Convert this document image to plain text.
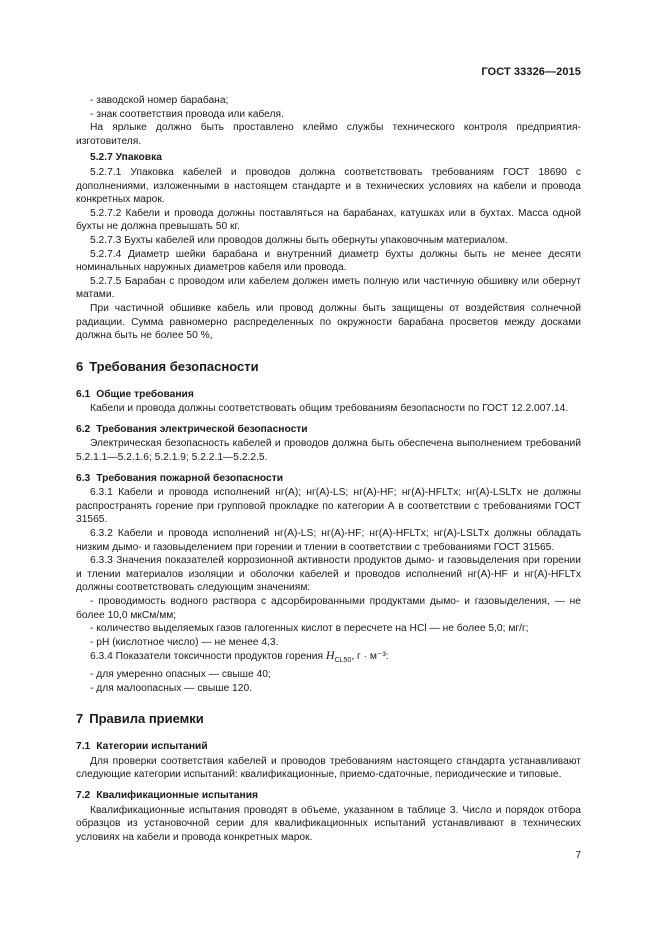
ГОСТ 33326—2015

- заводской номер барабана;

- знак соответствия провода или кабеля.

На ярлыке должно быть проставлено клеймо службы технического контроля предприятия-изготовителя.

5.2.7 Упаковка

5.2.7.1 Упаковка кабелей и проводов должна соответствовать требованиям ГОСТ 18690 с дополнениями, изложенными в настоящем стандарте и в технических условиях на кабели и провода конкретных марок.

5.2.7.2 Кабели и провода должны поставляться на барабанах, катушках или в бухтах. Масса одной бухты не должна превышать 50 кг.

5.2.7.3 Бухты кабелей или проводов должны быть обернуты упаковочным материалом.

5.2.7.4 Диаметр шейки барабана и внутренний диаметр бухты должны быть не менее десяти номинальных наружных диаметров кабеля или провода.

5.2.7.5 Барабан с проводом или кабелем должен иметь полную или частичную обшивку или обернут матами.

При частичной обшивке кабель или провод должны быть защищены от воздействия солнечной радиации. Сумма равномерно распределенных по окружности барабана просветов между досками должна быть не более 50 %,

6 Требования безопасности

6.1 Общие требования

Кабели и провода должны соответствовать общим требованиям безопасности по ГОСТ 12.2.007.14.

6.2 Требования электрической безопасности

Электрическая безопасность кабелей и проводов должна быть обеспечена выполнением требований 5.2.1.1—5.2.1.6; 5.2.1.9; 5.2.2.1—5.2.2.5.

6.3 Требования пожарной безопасности

6.3.1 Кабели и провода исполнений нг(А); нг(А)-LS; нг(А)-HF; нг(А)-HFLTx; нг(А)-LSLTx не должны распространять горение при групповой прокладке по категории А в соответствии с требованиями ГОСТ 31565.

6.3.2 Кабели и провода исполнений нг(А)-LS; нг(А)-HF; нг(А)-HFLTx; нг(А)-LSLTx должны обладать низким дымо- и газовыделением при горении и тлении в соответствии с требованиями ГОСТ 31565.

6.3.3 Значения показателей коррозионной активности продуктов дымо- и газовыделения при горении и тлении материалов изоляции и оболочки кабелей и проводов исполнений нг(А)-HF и нг(А)-HFLTx должны соответствовать следующим значениям:

- проводимость водного раствора с адсорбированными продуктами дымо- и газовыделения, — не более 10,0 мкСм/мм;

- количество выделяемых газов галогенных кислот в пересчете на HCl — не более 5,0; мг/г;

- pH (кислотное число) — не менее 4,3.

6.3.4 Показатели токсичности продуктов горения $H_{CL50}$, г · м⁻³:

- для умеренно опасных — свыше 40;

- для малоопасных — свыше 120.

7 Правила приемки

7.1 Категории испытаний

Для проверки соответствия кабелей и проводов требованиям настоящего стандарта устанавливают следующие категории испытаний: квалификационные, приемо-сдаточные, периодические и типовые.

7.2 Квалификационные испытания

Квалификационные испытания проводят в объеме, указанном в таблице 3. Число и порядок отбора образцов из установочной серии для квалификационных испытаний устанавливают в технических условиях на кабели и провода конкретных марок.

7
